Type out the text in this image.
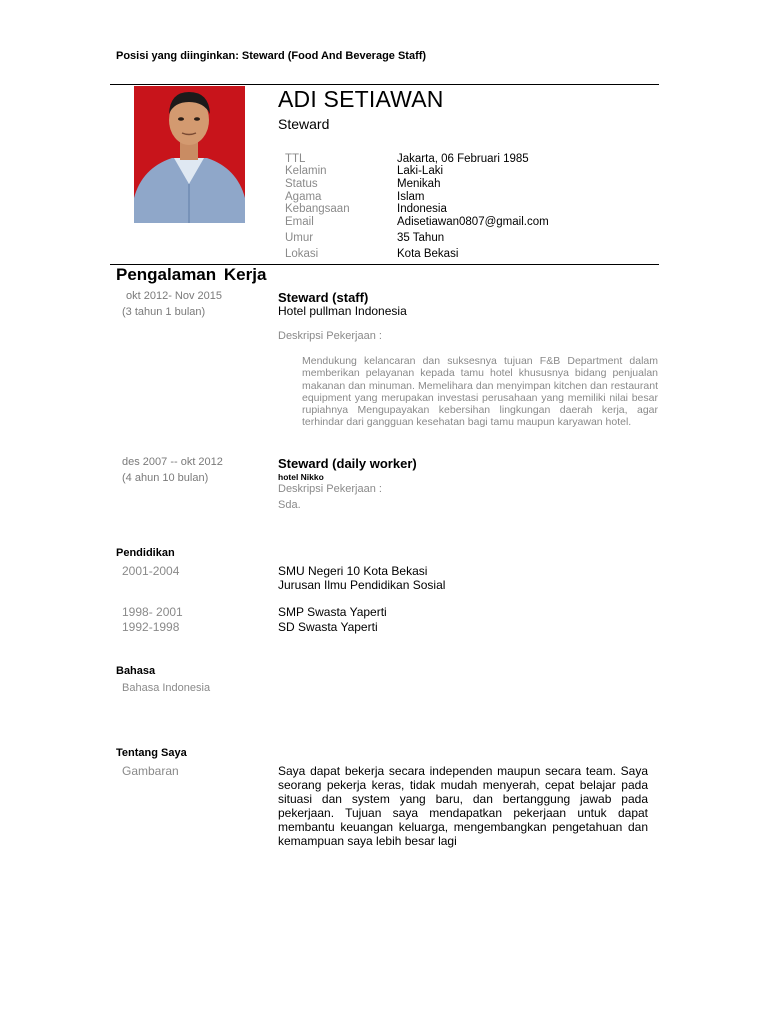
Posisi yang diinginkan: Steward (Food And Beverage Staff)
ADI SETIAWAN
Steward
TTL	Jakarta, 06 Februari 1985
Kelamin	Laki-Laki
Status	Menikah
Agama	Islam
Kebangsaan	Indonesia
Email	Adisetiawan0807@gmail.com
Umur	35 Tahun
Lokasi	Kota Bekasi
Pengalaman Kerja
okt 2012- Nov 2015
(3 tahun 1 bulan)
Steward (staff)
Hotel pullman Indonesia
Deskripsi Pekerjaan :
Mendukung kelancaran dan suksesnya tujuan F&B Department dalam memberikan pelayanan kepada tamu hotel khususnya bidang penjualan makanan dan minuman. Memelihara dan menyimpan kitchen dan restaurant equipment yang merupakan investasi perusahaan yang memiliki nilai besar rupiahnya Mengupayakan kebersihan lingkungan daerah kerja, agar terhindar dari gangguan kesehatan bagi tamu maupun karyawan hotel.
des 2007 -- okt 2012
(4 ahun 10 bulan)
Steward (daily worker)
hotel Nikko
Deskripsi Pekerjaan :
Sda.
Pendidikan
2001-2004	SMU Negeri 10 Kota Bekasi
Jurusan Ilmu Pendidikan Sosial
1998- 2001	SMP Swasta Yaperti
1992-1998	SD Swasta Yaperti
Bahasa
Bahasa Indonesia
Tentang Saya
Gambaran	Saya dapat bekerja secara independen maupun secara team. Saya seorang pekerja keras, tidak mudah menyerah, cepat belajar pada situasi dan system yang baru, dan bertanggung jawab pada pekerjaan. Tujuan saya mendapatkan pekerjaan untuk dapat membantu keuangan keluarga, mengembangkan pengetahuan dan kemampuan saya lebih besar lagi
